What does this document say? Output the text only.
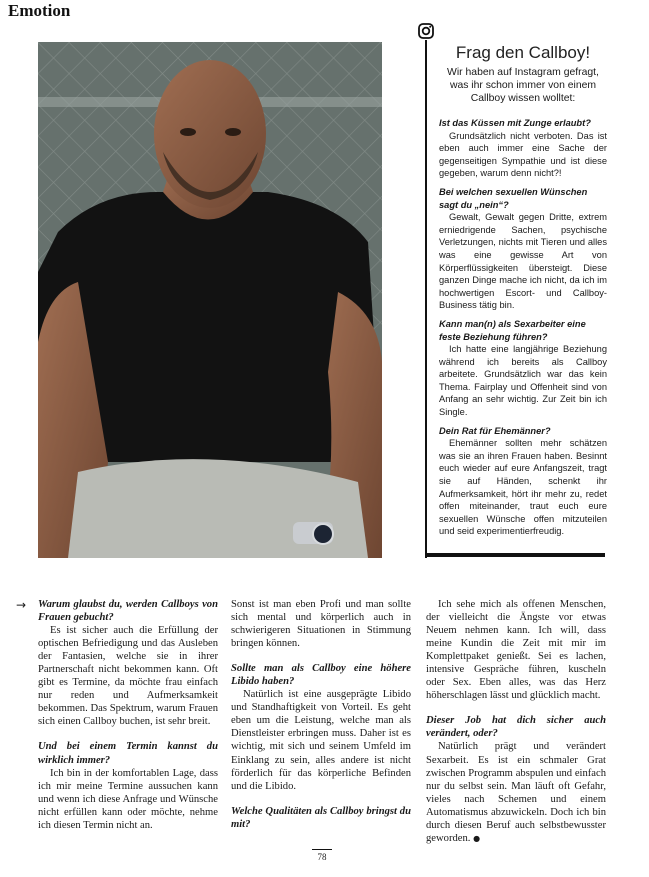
Emotion
Frag den Callboy!

Wir haben auf Instagram gefragt, was ihr schon immer von einem Callboy wissen wolltet:

Ist das Küssen mit Zunge erlaubt?

Grundsätzlich nicht verboten. Das ist eben auch immer eine Sache der gegenseitigen Sympathie und ist diese gegeben, warum denn nicht?!

Bei welchen sexuellen Wünschen sagt du „nein“?

Gewalt, Gewalt gegen Dritte, extrem erniedrigende Sachen, psychische Verletzungen, nichts mit Tieren und alles was eine gewisse Art von Körperflüssigkeiten übersteigt. Diese ganzen Dinge mache ich nicht, da ich im hochwertigen Escort- und Callboy-Business tätig bin.

Kann man(n) als Sexarbeiter eine feste Beziehung führen?

Ich hatte eine langjährige Beziehung während ich bereits als Callboy arbeitete. Grundsätzlich war das kein Thema. Fairplay und Offenheit sind von Anfang an sehr wichtig. Zur Zeit bin ich Single.

Dein Rat für Ehemänner?

Ehemänner sollten mehr schätzen was sie an ihren Frauen haben. Besinnt euch wieder auf eure Anfangszeit, tragt sie auf Händen, schenkt ihr Aufmerksamkeit, hört ihr mehr zu, redet offen miteinander, traut euch eure sexuellen Wünsche offen mitzuteilen und seid experimentierfreudig.

→ Warum glaubst du, werden Callboys von Frauen gebucht?

Es ist sicher auch die Erfüllung der optischen Befriedigung und das Ausleben der Fantasien, welche sie in ihrer Partnerschaft nicht bekommen kann. Oft gibt es Termine, da möchte frau einfach nur reden und Aufmerksamkeit bekommen. Das Spektrum, warum Frauen sich einen Callboy buchen, ist sehr breit.

Und bei einem Termin kannst du wirklich immer?

Ich bin in der komfortablen Lage, dass ich mir meine Termine aussuchen kann und wenn ich diese Anfrage und Wünsche nicht erfüllen kann oder möchte, nehme ich diesen Termin nicht an.

Sonst ist man eben Profi und man sollte sich mental und körperlich auch in schwierigeren Situationen in Stimmung bringen können.

Sollte man als Callboy eine höhere Libido haben?

Natürlich ist eine ausgeprägte Libido und Standhaftigkeit von Vorteil. Es geht eben um die Leistung, welche man als Dienstleister erbringen muss. Daher ist es wichtig, mit sich und seinem Umfeld im Einklang zu sein, alles andere ist nicht förderlich für das körperliche Befinden und die Libido.

Welche Qualitäten als Callboy bringst du mit?

Ich sehe mich als offenen Menschen, der vielleicht die Ängste vor etwas Neuem nehmen kann. Ich will, dass meine Kundin die Zeit mit mir im Komplettpaket genießt. Sei es lachen, intensive Gespräche führen, kuscheln oder Sex. Eben alles, was das Herz höherschlagen lässt und glücklich macht.

Dieser Job hat dich sicher auch verändert, oder?

Natürlich prägt und verändert Sexarbeit. Es ist ein schmaler Grat zwischen Programm abspulen und einfach nur du selbst sein. Man läuft oft Gefahr, vieles nach Schemen und einem Automatismus abzuwickeln. Doch ich bin durch diesen Beruf auch selbstbewusster geworden. ●

78
